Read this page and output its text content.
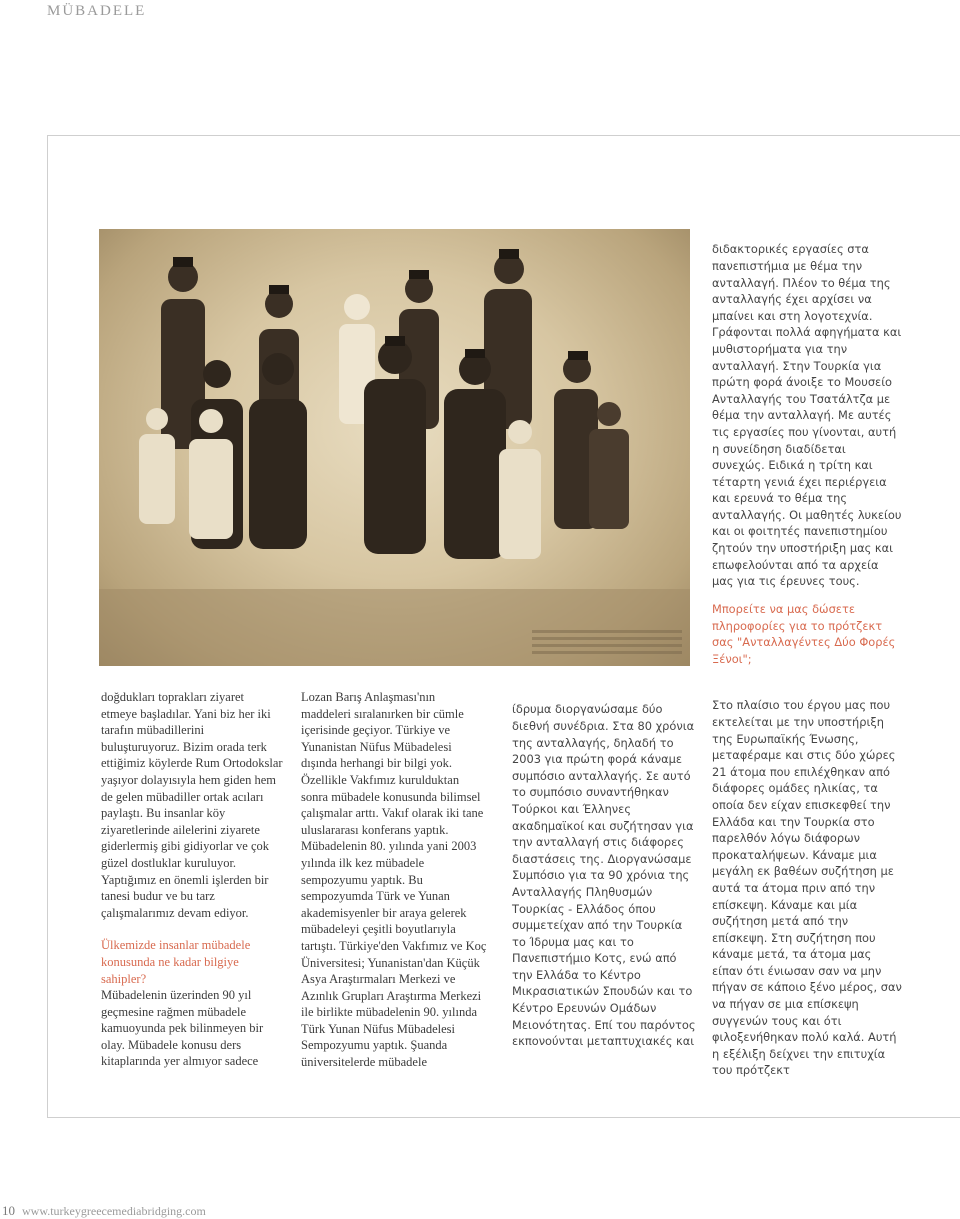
MÜBADELE

doğdukları toprakları ziyaret etmeye başladılar. Yani biz her iki tarafın mübadillerini buluşturuyoruz. Bizim orada terk ettiğimiz köylerde Rum Ortodokslar yaşıyor dolayısıyla hem giden hem de gelen mübadiller ortak acıları paylaştı. Bu insanlar köy ziyaretlerinde ailelerini ziyarete giderlermiş gibi gidiyorlar ve çok güzel dostluklar kuruluyor. Yaptığımız en önemli işlerden bir tanesi budur ve bu tarz çalışmalarımız devam ediyor.

Ülkemizde insanlar mübadele konusunda ne kadar bilgiye sahipler?

Mübadelenin üzerinden 90 yıl geçmesine rağmen mübadele kamuoyunda pek bilinmeyen bir olay. Mübadele konusu ders kitaplarında yer almıyor sadece

Lozan Barış Anlaşması'nın maddeleri sıralanırken bir cümle içerisinde geçiyor. Türkiye ve Yunanistan Nüfus Mübadelesi dışında herhangi bir bilgi yok. Özellikle Vakfımız kurulduktan sonra mübadele konusunda bilimsel çalışmalar arttı. Vakıf olarak iki tane uluslararası konferans yaptık. Mübadelenin 80. yılında yani 2003 yılında ilk kez mübadele sempozyumu yaptık. Bu sempozyumda Türk ve Yunan akademisyenler bir araya gelerek mübadeleyi çeşitli boyutlarıyla tartıştı. Türkiye'den Vakfımız ve Koç Üniversitesi; Yunanistan'dan Küçük Asya Araştırmaları Merkezi ve Azınlık Grupları Araştırma Merkezi ile birlikte mübadelenin 90. yılında Türk Yunan Nüfus Mübadelesi Sempozyumu yaptık. Şuanda üniversitelerde mübadele

ίδρυμα διοργανώσαμε δύο διεθνή συνέδρια. Στα 80 χρόνια της ανταλλαγής, δηλαδή το 2003 για πρώτη φορά κάναμε συμπόσιο ανταλλαγής. Σε αυτό το συμπόσιο συναντήθηκαν Τούρκοι και Έλληνες ακαδημαϊκοί και συζήτησαν για την ανταλλαγή στις διάφορες διαστάσεις της. Διοργανώσαμε Συμπόσιο για τα 90 χρόνια της Ανταλλαγής Πληθυσμών Τουρκίας - Ελλάδος όπου συμμετείχαν από την Τουρκία το Ίδρυμα μας και το Πανεπιστήμιο Κοτς, ενώ από την Ελλάδα το Κέντρο Μικρασιατικών Σπουδών και το Κέντρο Ερευνών Ομάδων Μειονότητας. Επί του παρόντος εκπονούνται μεταπτυχιακές και

διδακτορικές εργασίες στα πανεπιστήμια με θέμα την ανταλλαγή. Πλέον το θέμα της ανταλλαγής έχει αρχίσει να μπαίνει και στη λογοτεχνία. Γράφονται πολλά αφηγήματα και μυθιστορήματα για την ανταλλαγή. Στην Τουρκία για πρώτη φορά άνοιξε το Μουσείο Ανταλλαγής του Τσατάλτζα με θέμα την ανταλλαγή. Με αυτές τις εργασίες που γίνονται, αυτή η συνείδηση διαδίδεται συνεχώς. Ειδικά η τρίτη και τέταρτη γενιά έχει περιέργεια και ερευνά το θέμα της ανταλλαγής. Οι μαθητές λυκείου και οι φοιτητές πανεπιστημίου ζητούν την υποστήριξη μας και επωφελούνται από τα αρχεία μας για τις έρευνες τους.

Μπορείτε να μας δώσετε πληροφορίες για το πρότζεκτ σας "Ανταλλαγέντες Δύο Φορές Ξένοι";

Στο πλαίσιο του έργου μας που εκτελείται με την υποστήριξη της Ευρωπαϊκής Ένωσης, μεταφέραμε και στις δύο χώρες 21 άτομα που επιλέχθηκαν από διάφορες ομάδες ηλικίας, τα οποία δεν είχαν επισκεφθεί την Ελλάδα και την Τουρκία στο παρελθόν λόγω διάφορων προκαταλήψεων. Κάναμε μια μεγάλη εκ βαθέων συζήτηση με αυτά τα άτομα πριν από την επίσκεψη. Κάναμε και μία συζήτηση μετά από την επίσκεψη. Στη συζήτηση που κάναμε μετά, τα άτομα μας είπαν ότι ένιωσαν σαν να μην πήγαν σε κάποιο ξένο μέρος, σαν να πήγαν σε μια επίσκεψη συγγενών τους και ότι φιλοξενήθηκαν πολύ καλά. Αυτή η εξέλιξη δείχνει την επιτυχία του πρότζεκτ

10 www.turkeygreecemediabridging.com
